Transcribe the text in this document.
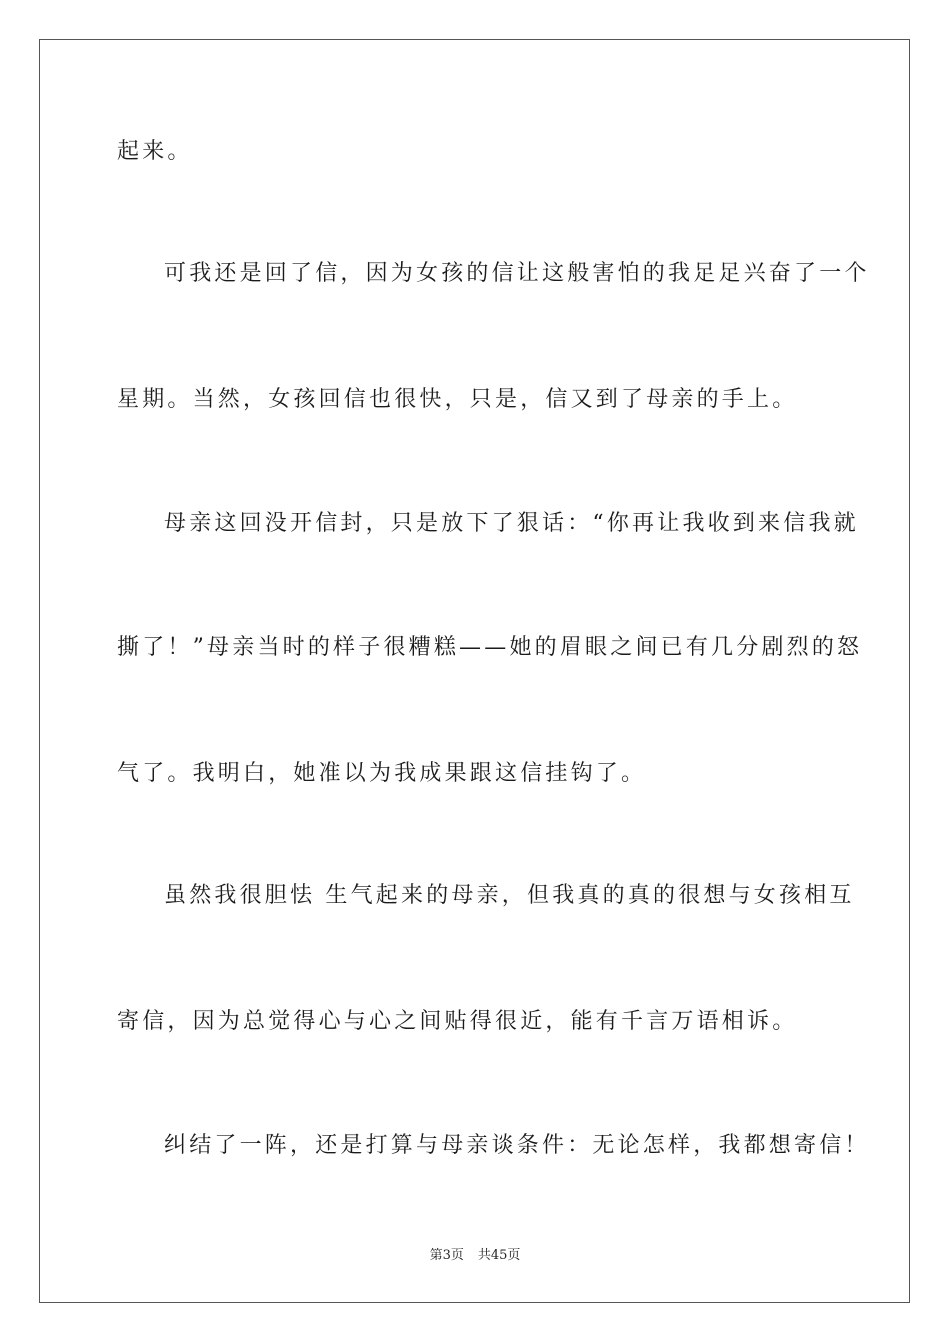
起来。
可我还是回了信，因为女孩的信让这般害怕的我足足兴奋了一个
星期。当然，女孩回信也很快，只是，信又到了母亲的手上。
母亲这回没开信封，只是放下了狠话：“你再让我收到来信我就
撕了！”母亲当时的样子很糟糕——她的眉眼之间已有几分剧烈的怒
气了。我明白，她准以为我成果跟这信挂钩了。
虽然我很胆怯 生气起来的母亲，但我真的真的很想与女孩相互
寄信，因为总觉得心与心之间贴得很近，能有千言万语相诉。
纠结了一阵，还是打算与母亲谈条件：无论怎样，我都想寄信！
第3页 共45页
